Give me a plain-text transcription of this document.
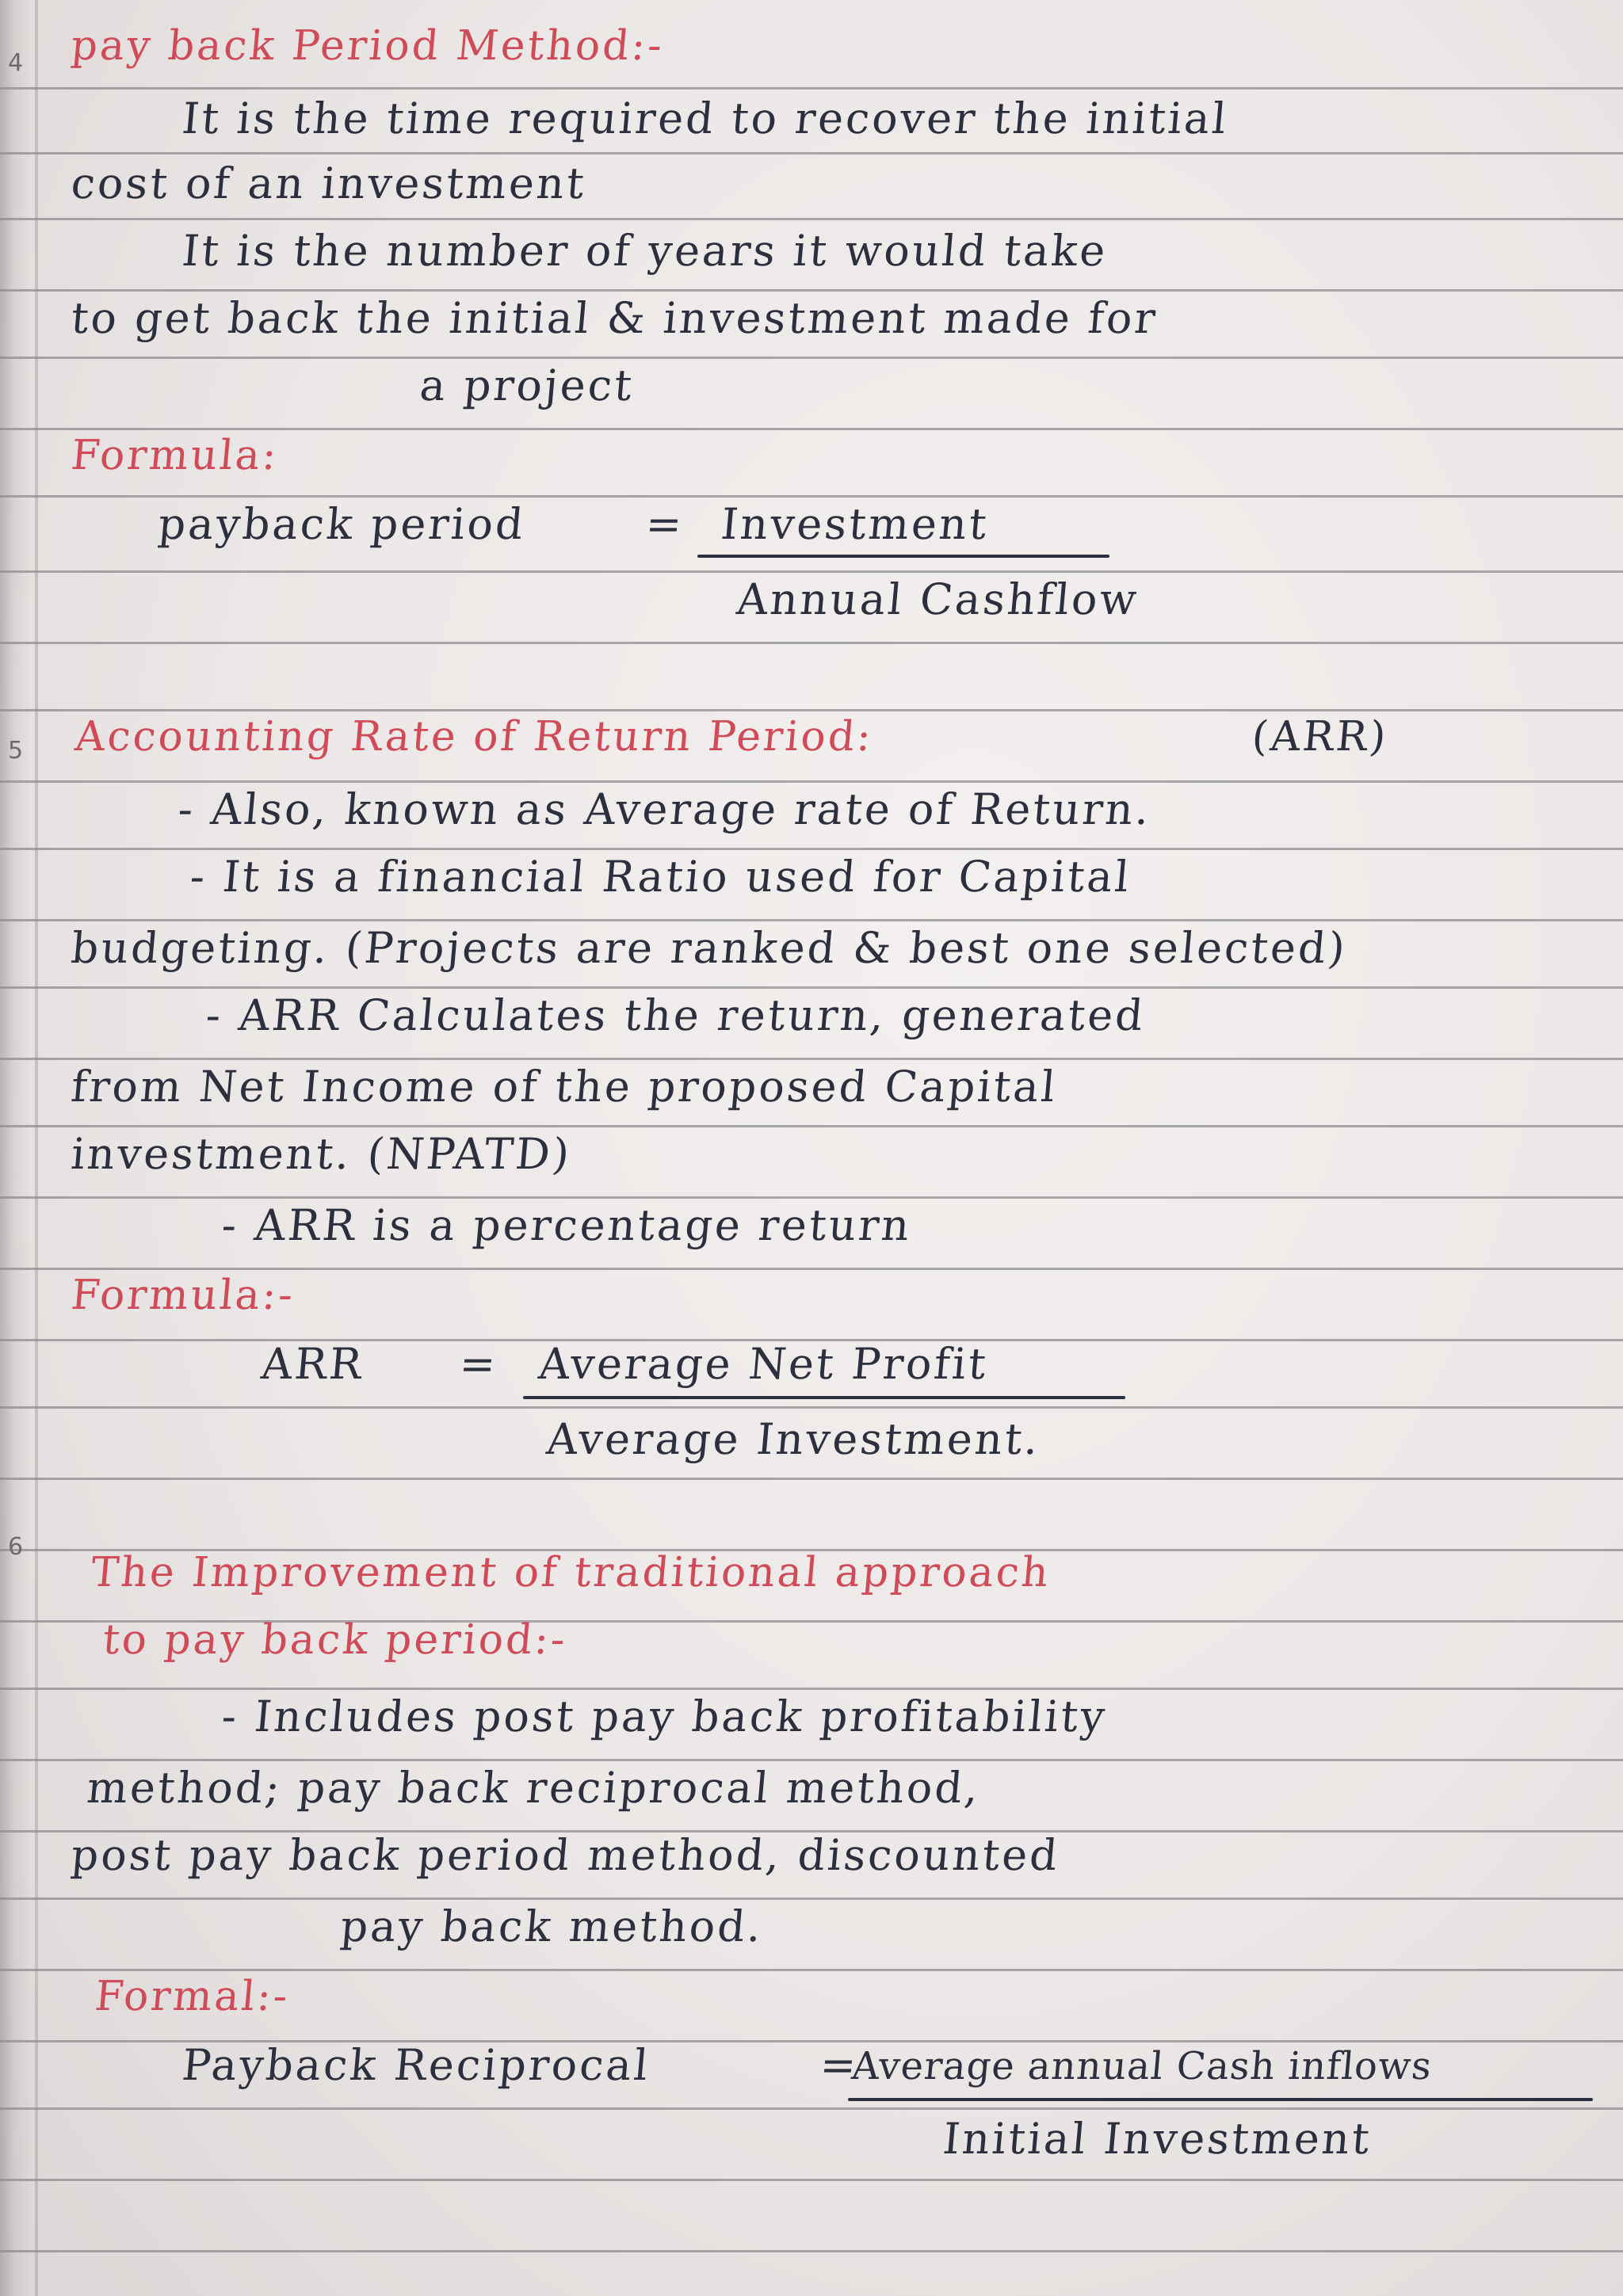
4 pay back Period Method:-
It is the time required to recover the initial
cost of an investment
It is the number of years it would take
to get back the initial & investment made for
a project
Formula:
payback period	= Investment
Annual Cashflow
5 Accounting Rate of Return Period:	(ARR)
- Also, known as Average rate of Return.
- It is a financial Ratio used for Capital
budgeting. (Projects are ranked & best one selected)
- ARR Calculates the return, generated
from Net Income of the proposed Capital
investment. (NPATD)
- ARR is a percentage return
Formula:-
ARR = Average Net Profit
Average Investment.
6
The Improvement of traditional approach
to pay back period:-
- Includes post pay back profitability
method; pay back reciprocal method,
post pay back period method, discounted
pay back method.
Formal:-
Payback Reciprocal	=
Average annual Cash inflows
Initial Investment
